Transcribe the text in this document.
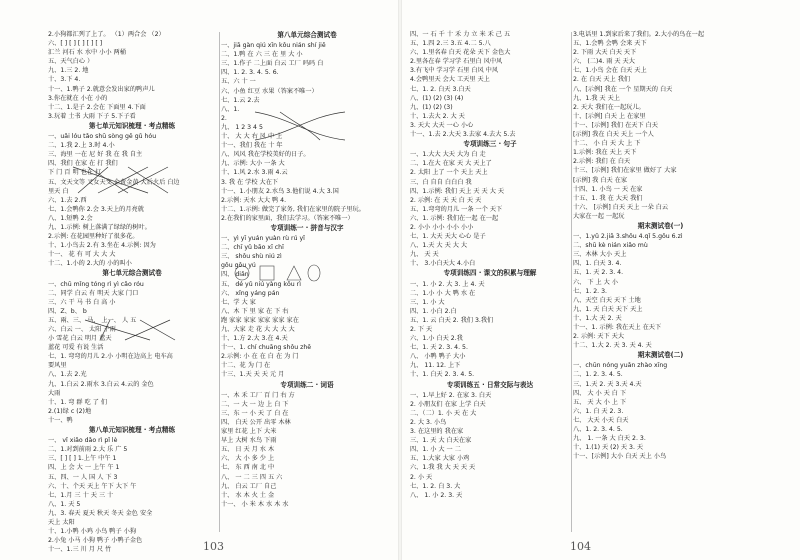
2.小狗都汇列了上了。 （1）两合会 （2）
六、[ ] [ ] [ ] [ ] [ ]
汇兰 河石 水 水中 小小 两桶
五、天气白心 ）
九、1.三 2. 地
十、3.下 4.
十一、1.鸭子 2.就意会发出家的鸭声儿
3.你在就在 小在 小的
十二、1.是子 2.会在 下面里 4.下面
3.玩着 土书 大雨 下子 5.下子看
第七单元知识梳理 · 考点精练
一、uǎi lóu tǎo shū sòng gě gǔ hóu
二、1.我 2.上 3.时 4.小
三、海里 一在 尼 好 我 在 我 自主
四、我们 在家 在 打 我们
下 门 百 明 也在 打
五、文天文等 叉女天文 金黄金黄 大后火后 白边
里天 白
六、1.去 2.西
七、1.会鸭你 2.会 3.天上的月亮就
八、1.短鸭 2.会
九、1.示例: 树上落满了绿绿的树叶。
2.示例: 在花园里种好了很多花。
十、1.小鸟去 2.有 3.坐在 4.示例: 因为
十一、 花 有 可 大 大 大
十二、1.小的 2.大的 小的叫小
第七单元综合测试卷
一、chū mǐng tóng rì yì cǎo róu
二、同学 白云 有 明天 大家 门口
三、六 干 马 书 白 高 小
四、Z、b、 b
五、兩、三、 马、 上一、 人 五
六、白云 一、 太阳 子雨
小 雪花 白云 明月 蓝天
蓝花 可爱 有说 生活
七、1. 弯弯的月儿 2.小 小明在边高上 电车高
要风里
八、1.去 2.光
九、1.白云 2.雨水 3.白云 4.云的 金色
大雨
十、1. 弯 群 吃 了 们
2.(1)绿 c (2)地
十一、鸭
第八单元知识梳理 · 考点精练
一、 vǐ xiǎo dǎo rì pǐ lè
二、1.对到前雨 2.大 乐 广 5
三、[ ] [ ] 1.上午 中午 1
四、上 会 大 一 上午 午 1
五、四、一 人 国 人 下 3
六、十、个天 天上 午下 大下 午
七、1.月 三 十 天 三 十
八、1. 天 5
九、3. 春天 夏天 秋天 冬天 金色 安全
天上 太阳
十、1.小鸭 小鸡 小鸟 鸭子 小狗
2.小兔 小马 小狗 鸭子 小鸭子金色
十一、1.三 川 月 尺 竹
第八单元综合测试卷
一、jiā gàn qiú xīn kǒu nián shí jiē
二、1.鸭 在 六 三 在 里 大 小
三、1.作子 二上面 白云 工厂 吗吗 白
四、1. 2. 3. 4. 5. 6.
五、六 十 一
六、小鱼 红豆 水果（答案不唯一）
七、1.云 2.去
八、1.
2.
九、 1 2 3 4 5
十、 大 大 右 风 中 上
十一、我们 我在 十 年
八、风风 我在学校美好的日子。
九、示例: 大小 一条 大
十、1.风 2.水 3.雨 4.云
3. 我 在 学校 大在下
十一、1.小朋友 2.水鸟 3.他们说 4.大 3.国
2.示例: 天水 大大 鸭 4.
十二、1.示例: 做完了家务, 我们在家里的院子里玩。
2.在我们的家里面，我们去学习。（答案不唯一）
专项训练一 · 拼音与汉字
一、yì yī yuán yuàn rù rú yǐ
二、chī yǔ bāo xī chī
三、 shǒu shù niú zì
gǒu gǒu yú
四、 diǎn
五、 dé yǔ niú yàng kǒu rì
六、 xǐng yáng pán
七、学 大 家
八、木 下 里 家 在 下 右
跑 家家 家家 家家 家家 家在
九、大家 走 花 大 大 大 大
十、1.方 2.大 3.在 4.天
十一、1. chí chuāng shǒu zhē
2.示例: 小 在 在 白 在 为 门
十二、花 为 门 在
十三、1.天 天 天 元 月
专项训练二 · 词语
一、木 禾 工厂 百 门 右 方
二、一 大 一 边 上 白 下
三、东 一 小 天 了 白 在
四、 白天 公开 出零 木林
家里 红花 上下 大米
早上 大树 水鸟 下雨
五、 日 天 月 水 木
六、 大 小 多 少 上
七、 东 西 南 北 中
八、 一 二 三 四 五 六
九、 白云 工厂 自己
十、 水 木 火 土 金
十一、 小 米 木 水 木 水
四、一 石 千 十 禾 力 立 米 禾 己 五
五、1.四 2.三 3.五 4.二 5.八
六、1.里名春 白天 花朵 天下 金色大
2.里各在春 学习学 石里白 风中风
3.有飞中 学习学 石里 白风 中风
4.会鸭里天 会大 工天里 天上
七、1. 2. 白天 3.白天
八、(1) (2) (3) (4)
九、(1) (2) (3)
十、1.去大 2. 大 天
3. 天大 大天 一心 小心
十一、1.去 2.大天 3.去家 4.去大 5.去
专项训练三 · 句子
一、1.大大 大天 大为 白 走
二、1.在大 在家 天 大 天上了
2. 太阳 上了 一个 天上 天上
三、白 自自 白白白 我
四、1.示例: 我们 天上 天 天 大 天
2. 示例: 在 天 天 白 天 天
五、1.弯弯的月儿 一条 一个 天下
六、1. 示例: 我们在一起 在一起
2. 小小 小小 小小 小小
七、1. 大天 天大 心心 是子
八、1.天 大 天 大 大
九、 天 天
十、 3.小白天大 4.小白
专项训练四 · 课文的积累与理解
一、1. 小 2. 大 3. 上 4. 天
二、1.小 小 大 鸭 水 在
三、1. 小 大
四、1. 小白 2.白
五、1. 云 白天 2. 我们 3.我们
2. 下 天
六、1.小 白天 2.我
七、1. 天 2. 3. 4. 5.
八、 小鸭 鸭子 大小
九、 11. 12. 上下
十、1. 白天 2. 3. 4. 5.
专项训练五 · 日常交际与表达
一、1.早上好 2. 在家 3. 白天
2. 小朋友们 在家 上学 白天
二、（二）1. 小 天 在 大
2. 大 3. 小鸟
3. 在这里的 我在家
三、1. 天 大 白天在家
四、1. 小 大 一 二
五、1.大家 大家 小鸡
六、1.我 我 大 天 天 天
2. 小 天
七、1. 2. 白 3. 大
八、 1. 小 2. 3. 天
3.电话里 1.到家后来了我们。2.大小的鸟在一起
五、1.会鸭 会鸭 会来 天下
2. 下雨 大天 白天 天下
六、 (二)4. 雨 天 天大
七、1.小鸟 会在 白天 天上
2. 在 白天 天上 我们
八、[示例] 我在 一个 星期天的 白天
九、1.我 天 天上
2. 天大 我们在一起玩儿。
十、[示例] 白天 上 在家里
十一、[示例] 我们 在天下 白天
[示例] 我在 白天 天上 一个人
十二、 小 白 天 大 上 下
1.示例: 我在 天上 天下
2.示例: 我们 在 白天
十三、[示例] 我们在家里 做好了 大家
[示例] 我 白天 在家
十四、1. 小鸟 一 天 在家
十五、1. 我 在 大天 我们
十六、 [示例] 白天 天上 一朵 白云
大家在一起 一起玩
期末测试卷(一)
一、1.yǔ 2.jiā 3.shǒu 4.qǐ 5.gǒu 6.zì
二、shū kè nián xiǎo mù
三、木林 大小 天上
四、1. 白天 3. 4.
五、1. 天 2. 3. 4.
六、 下 上 大 小
七、1. 2. 3.
八、天空 白天 天下 土地
九、1. 天 白天 天下 天上
十、1.大 天 2. 天
十一、1. 示例: 我在天上 在天下
2. 示例: 天下 天大
十二、1.大 2. 天 3. 天 4. 天
期末测试卷(二)
一、chūn nóng yuǎn zhào xīng
二、1. 2. 3. 4. 5.
三、1.天 2. 天 3.天 4.天
四、 大 小 天 白 下
五、 天 大 小 上 下
六、1. 白 天 2. 3.
七、 大天 小天 白天
八、1. 2. 3. 4. 5.
九、 1. 一条 大 白天 2. 3.
十、1.(1) 天 (2) 天 3. 天
十一、[示例] 大小 白天 天上 小鸟
103	104
